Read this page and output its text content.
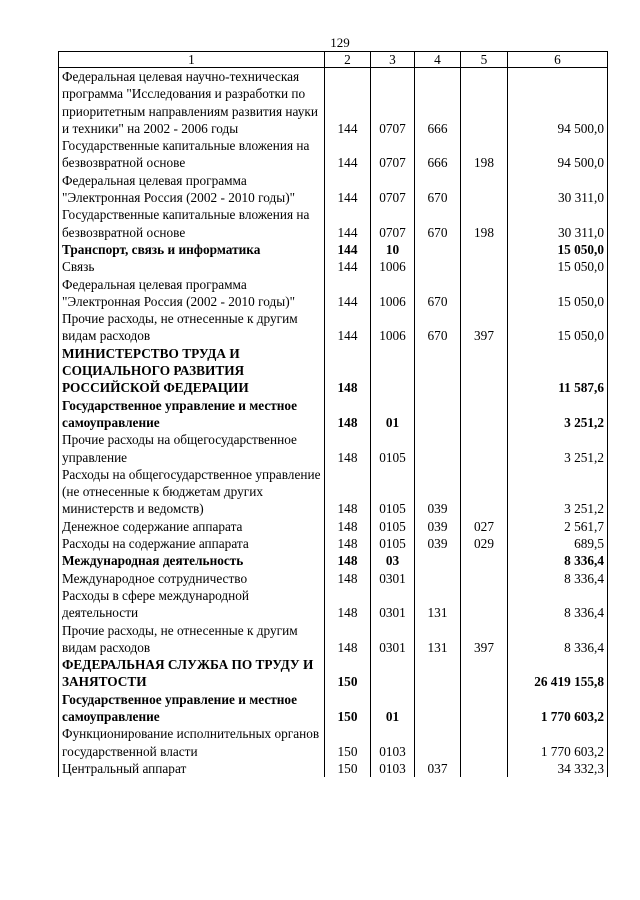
129
1	2	3	4	5	6
Федеральная целевая научно-техническая программа "Исследования и разработки по приоритетным направлениям развития науки и техники" на 2002 - 2006 годы	144	0707	666		94 500,0
Государственные капитальные вложения на безвозвратной основе	144	0707	666	198	94 500,0
Федеральная целевая программа "Электронная Россия (2002 - 2010 годы)"	144	0707	670		30 311,0
Государственные капитальные вложения на безвозвратной основе	144	0707	670	198	30 311,0
Транспорт, связь и информатика	144	10			15 050,0
Связь	144	1006			15 050,0
Федеральная целевая программа "Электронная Россия (2002 - 2010 годы)"	144	1006	670		15 050,0
Прочие расходы, не отнесенные к другим видам расходов	144	1006	670	397	15 050,0
МИНИСТЕРСТВО ТРУДА И СОЦИАЛЬНОГО РАЗВИТИЯ РОССИЙСКОЙ ФЕДЕРАЦИИ	148				11 587,6
Государственное управление и местное самоуправление	148	01			3 251,2
Прочие расходы на общегосударственное управление	148	0105			3 251,2
Расходы на общегосударственное управление (не отнесенные к бюджетам других министерств и ведомств)	148	0105	039		3 251,2
Денежное содержание аппарата	148	0105	039	027	2 561,7
Расходы на содержание аппарата	148	0105	039	029	689,5
Международная деятельность	148	03			8 336,4
Международное сотрудничество	148	0301			8 336,4
Расходы в сфере международной деятельности	148	0301	131		8 336,4
Прочие расходы, не отнесенные к другим видам расходов	148	0301	131	397	8 336,4
ФЕДЕРАЛЬНАЯ СЛУЖБА ПО ТРУДУ И ЗАНЯТОСТИ	150				26 419 155,8
Государственное управление и местное самоуправление	150	01			1 770 603,2
Функционирование исполнительных органов государственной власти	150	0103			1 770 603,2
Центральный аппарат	150	0103	037		34 332,3
